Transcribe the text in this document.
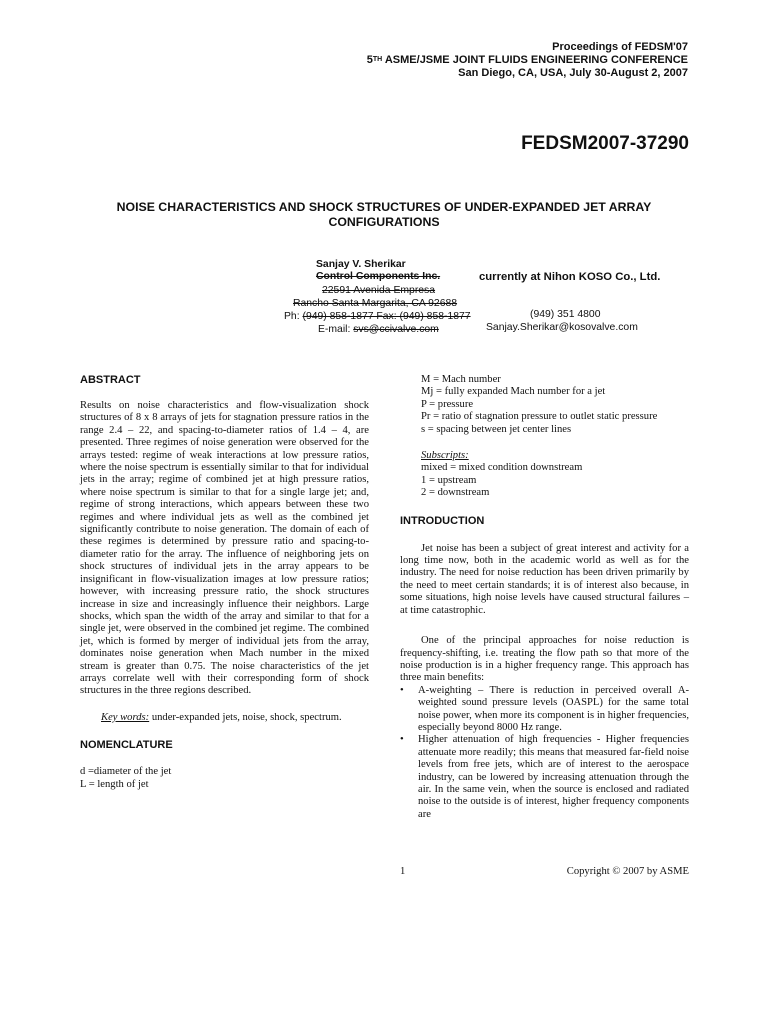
Proceedings of FEDSM'07
5TH ASME/JSME JOINT FLUIDS ENGINEERING CONFERENCE
San Diego, CA, USA, July 30-August 2, 2007
FEDSM2007-37290
NOISE CHARACTERISTICS AND SHOCK STRUCTURES OF UNDER-EXPANDED JET ARRAY
CONFIGURATIONS
Sanjay V. Sherikar
Control Components Inc.	currently at Nihon KOSO Co., Ltd.
22591 Avenida Empresa
Rancho Santa Margarita, CA 92688
Ph: (949) 858-1877 Fax: (949) 858-1877	(949) 351 4800
E-mail: svs@ccivalve.com	Sanjay.Sherikar@kosovalve.com
ABSTRACT
Results on noise characteristics and flow-visualization shock structures of 8 x 8 arrays of jets for stagnation pressure ratios in the range 2.4 – 22, and spacing-to-diameter ratios of 1.4 – 4, are presented. Three regimes of noise generation were observed for the arrays tested: regime of weak interactions at low pressure ratios, where the noise spectrum is essentially similar to that for individual jets in the array; regime of combined jet at high pressure ratios, where noise spectrum is similar to that for a single large jet; and, regime of strong interactions, which appears between these two regimes and where individual jets as well as the combined jet significantly contribute to noise generation. The domain of each of these regimes is determined by pressure ratio and spacing-to-diameter ratio for the array. The influence of neighboring jets on shock structures of individual jets in the array appears to be insignificant in flow-visualization images at low pressure ratios; however, with increasing pressure ratio, the shock structures increase in size and increasingly influence their neighbors. Large shocks, which span the width of the array and similar to that for a single jet, were observed in the combined jet regime. The combined jet, which is formed by merger of individual jets from the array, dominates noise generation when Mach number in the mixed stream is greater than 0.75. The noise characteristics of the jet arrays correlate well with their corresponding form of shock structures in the three regions described.
Key words: under-expanded jets, noise, shock, spectrum.
NOMENCLATURE
d =diameter of the jet
L = length of jet
M = Mach number
Mj = fully expanded Mach number for a jet
P = pressure
Pr = ratio of stagnation pressure to outlet static pressure
s = spacing between jet center lines
Subscripts:
mixed = mixed condition downstream
1 = upstream
2 = downstream
INTRODUCTION
Jet noise has been a subject of great interest and activity for a long time now, both in the academic world as well as for the industry. The need for noise reduction has been driven primarily by the need to meet certain standards; it is of interest also because, in some situations, high noise levels have caused structural failures – at time catastrophic.
One of the principal approaches for noise reduction is frequency-shifting, i.e. treating the flow path so that more of the noise production is in a higher frequency range. This approach has three main benefits:
• A-weighting – There is reduction in perceived overall A-weighted sound pressure levels (OASPL) for the same total noise power, when more its component is in higher frequencies, especially beyond 8000 Hz range.
• Higher attenuation of high frequencies - Higher frequencies attenuate more readily; this means that measured far-field noise levels from free jets, which are of interest to the aerospace industry, can be lowered by increasing attenuation through the air. In the same vein, when the source is enclosed and radiated noise to the outside is of interest, higher frequency components are
1	Copyright © 2007 by ASME
